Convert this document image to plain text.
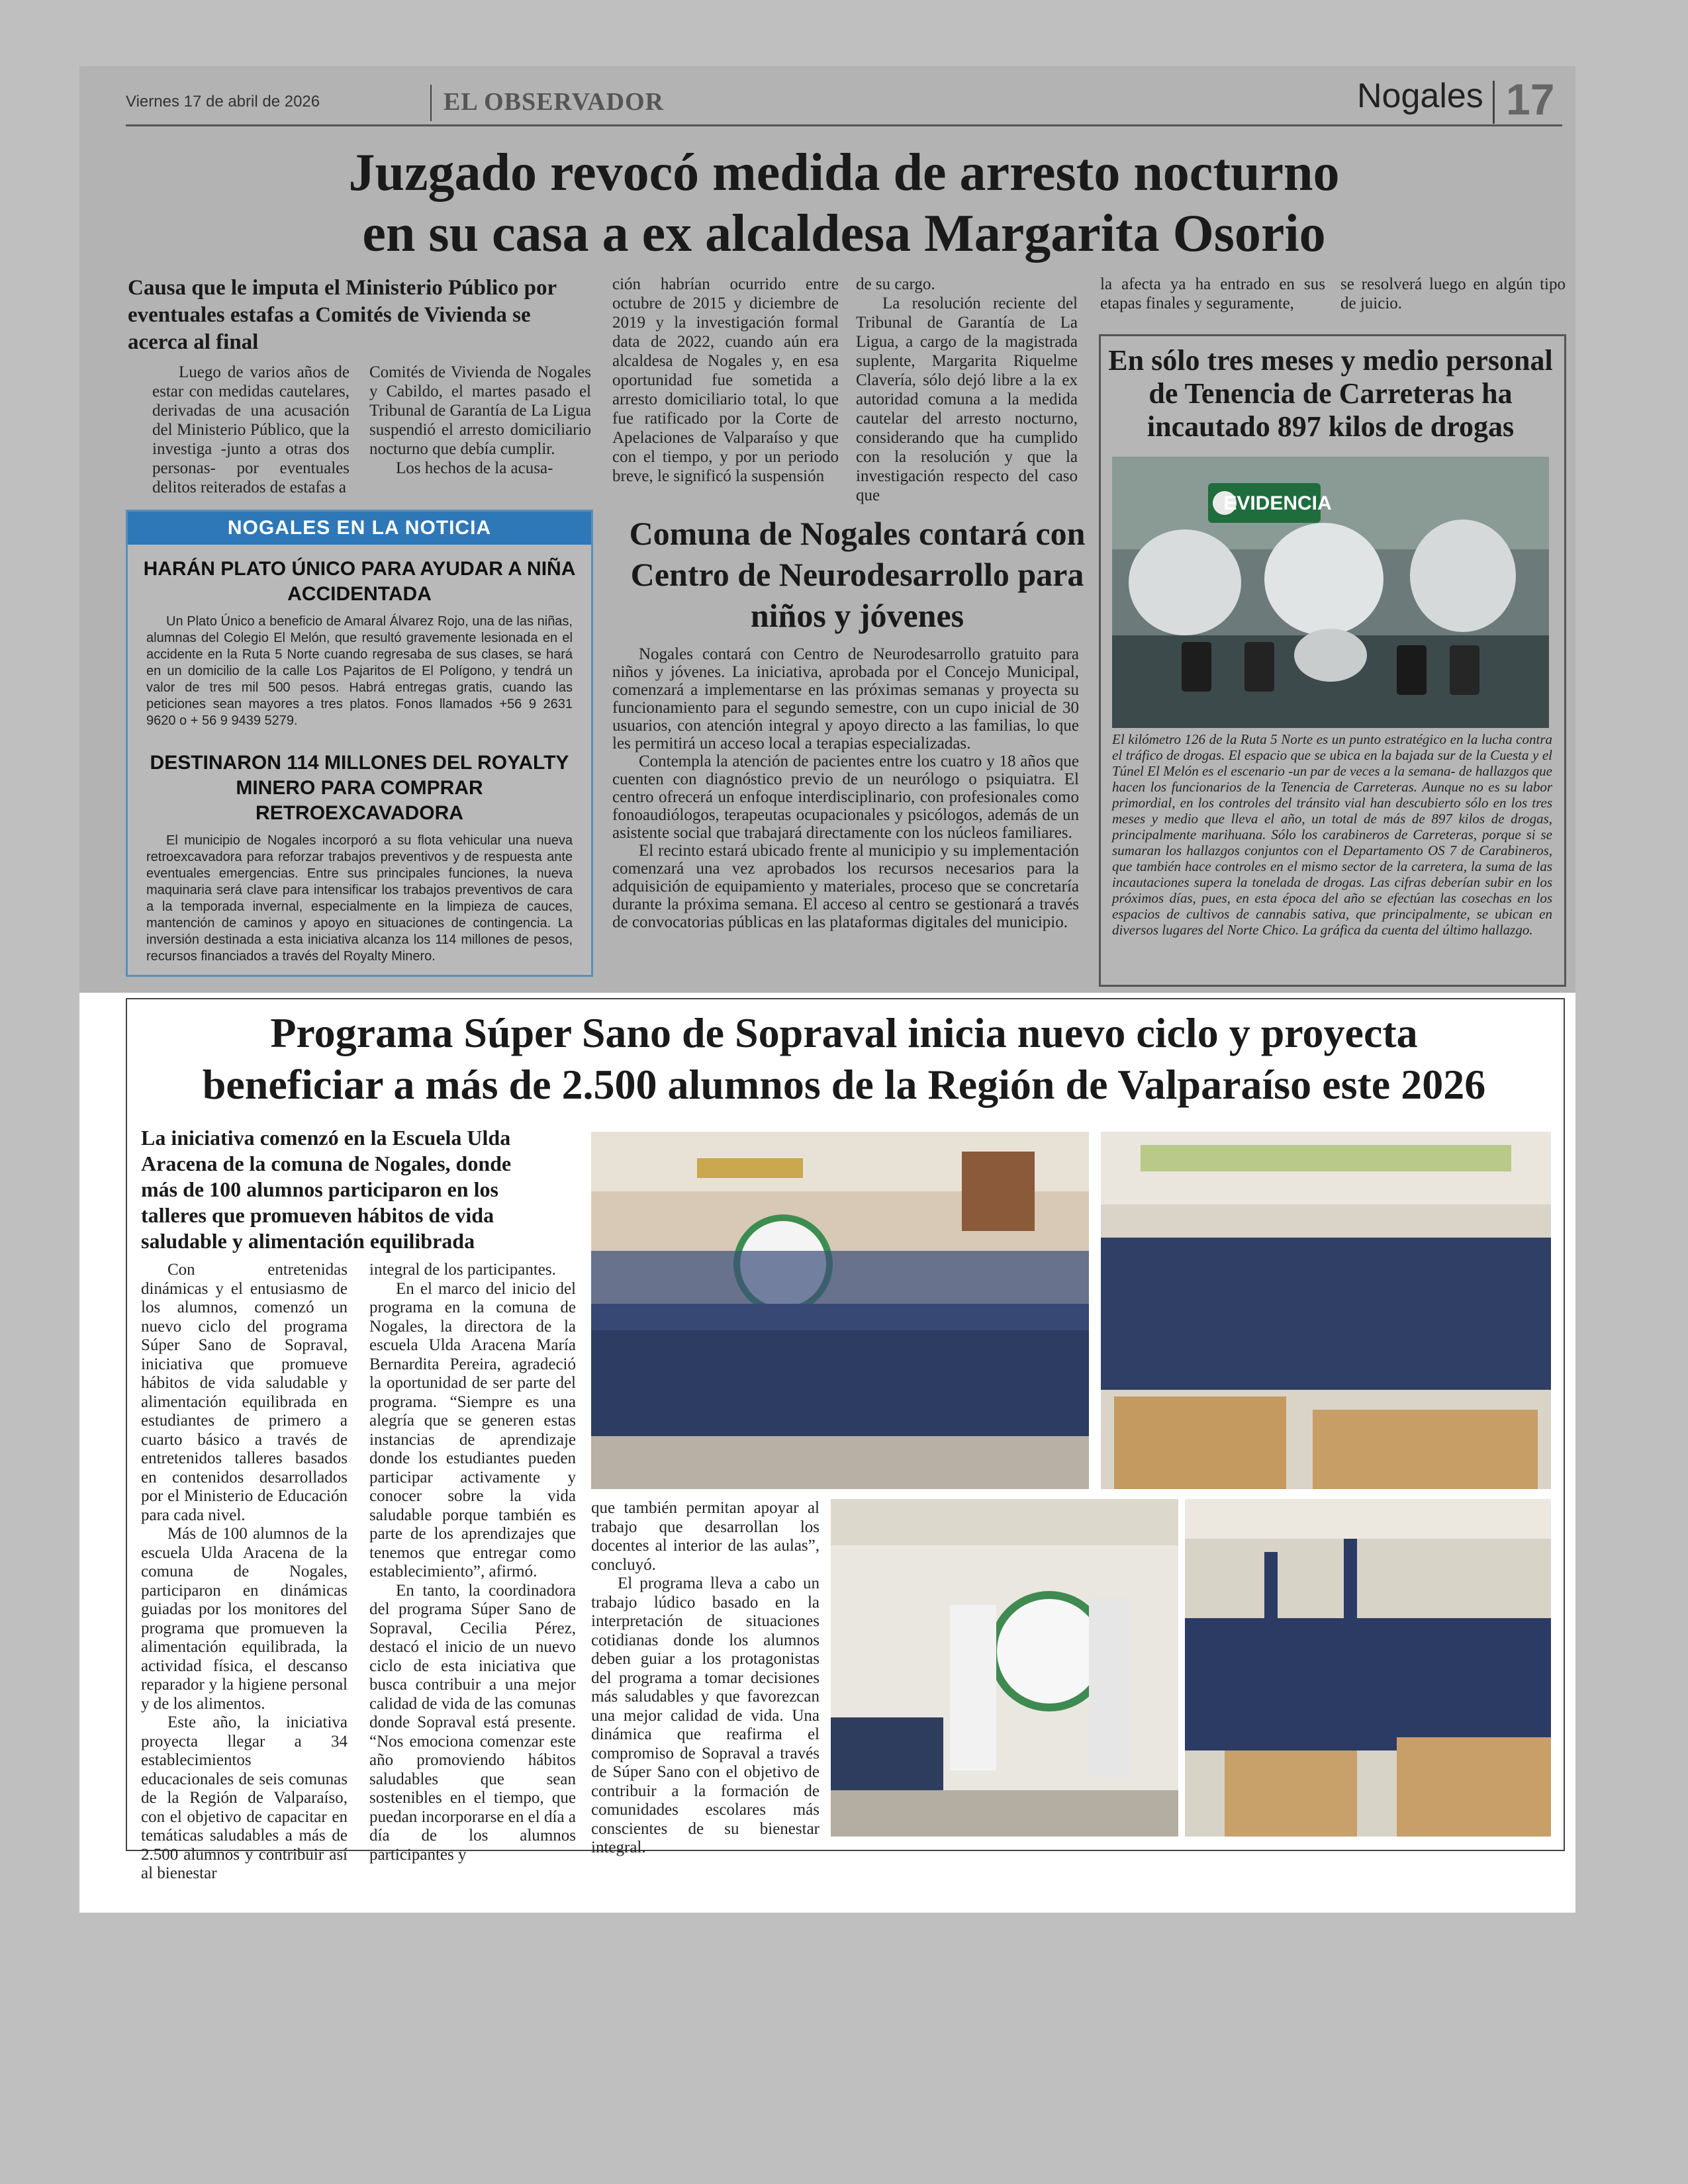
Viernes 17 de abril de 2026	EL OBSERVADOR	Nogales 17
Juzgado revocó medida de arresto nocturno
en su casa a ex alcaldesa Margarita Osorio
Causa que le imputa el Ministerio Público por eventuales estafas a Comités de Vivienda se acerca al final

Luego de varios años de estar con medidas cautelares, derivadas de una acusación del Ministerio Público, que la investiga -junto a otras dos personas- por eventuales delitos reiterados de estafas a

Comités de Vivienda de Nogales y Cabildo, el martes pasado el Tribunal de Garantía de La Ligua suspendió el arresto domiciliario nocturno que debía cumplir.

Los hechos de la acusa-

ción habrían ocurrido entre octubre de 2015 y diciembre de 2019 y la investigación formal data de 2022, cuando aún era alcaldesa de Nogales y, en esa oportunidad fue sometida a arresto domiciliario total, lo que fue ratificado por la Corte de Apelaciones de Valparaíso y que con el tiempo, y por un periodo breve, le significó la suspensión

de su cargo.

La resolución reciente del Tribunal de Garantía de La Ligua, a cargo de la magistrada suplente, Margarita Riquelme Clavería, sólo dejó libre a la ex autoridad comuna a la medida cautelar del arresto nocturno, considerando que ha cumplido con la resolución y que la investigación respecto del caso que

la afecta ya ha entrado en sus etapas finales y seguramente,

se resolverá luego en algún tipo de juicio.

NOGALES EN LA NOTICIA
HARÁN PLATO ÚNICO PARA AYUDAR A NIÑA ACCIDENTADA

Un Plato Único a beneficio de Amaral Álvarez Rojo, una de las niñas, alumnas del Colegio El Melón, que resultó gravemente lesionada en el accidente en la Ruta 5 Norte cuando regresaba de sus clases, se hará en un domicilio de la calle Los Pajaritos de El Polígono, y tendrá un valor de tres mil 500 pesos. Habrá entregas gratis, cuando las peticiones sean mayores a tres platos. Fonos llamados +56 9 2631 9620 o + 56 9 9439 5279.

DESTINARON 114 MILLONES DEL ROYALTY MINERO PARA COMPRAR RETROEXCAVADORA

El municipio de Nogales incorporó a su flota vehicular una nueva retroexcavadora para reforzar trabajos preventivos y de respuesta ante eventuales emergencias. Entre sus principales funciones, la nueva maquinaria será clave para intensificar los trabajos preventivos de cara a la temporada invernal, especialmente en la limpieza de cauces, mantención de caminos y apoyo en situaciones de contingencia. La inversión destinada a esta iniciativa alcanza los 114 millones de pesos, recursos financiados a través del Royalty Minero.

Comuna de Nogales contará con Centro de Neurodesarrollo para niños y jóvenes

Nogales contará con Centro de Neurodesarrollo gratuito para niños y jóvenes. La iniciativa, aprobada por el Concejo Municipal, comenzará a implementarse en las próximas semanas y proyecta su funcionamiento para el segundo semestre, con un cupo inicial de 30 usuarios, con atención integral y apoyo directo a las familias, lo que les permitirá un acceso local a terapias especializadas.

Contempla la atención de pacientes entre los cuatro y 18 años que cuenten con diagnóstico previo de un neurólogo o psiquiatra. El centro ofrecerá un enfoque interdisciplinario, con profesionales como fonoaudiólogos, terapeutas ocupacionales y psicólogos, además de un asistente social que trabajará directamente con los núcleos familiares.

El recinto estará ubicado frente al municipio y su implementación comenzará una vez aprobados los recursos necesarios para la adquisición de equipamiento y materiales, proceso que se concretaría durante la próxima semana. El acceso al centro se gestionará a través de convocatorias públicas en las plataformas digitales del municipio.

En sólo tres meses y medio personal de Tenencia de Carreteras ha incautado 897 kilos de drogas
EVIDENCIA
El kilómetro 126 de la Ruta 5 Norte es un punto estratégico en la lucha contra el tráfico de drogas. El espacio que se ubica en la bajada sur de la Cuesta y el Túnel El Melón es el escenario -un par de veces a la semana- de hallazgos que hacen los funcionarios de la Tenencia de Carreteras. Aunque no es su labor primordial, en los controles del tránsito vial han descubierto sólo en los tres meses y medio que lleva el año, un total de más de 897 kilos de drogas, principalmente marihuana. Sólo los carabineros de Carreteras, porque si se sumaran los hallazgos conjuntos con el Departamento OS 7 de Carabineros, que también hace controles en el mismo sector de la carretera, la suma de las incautaciones supera la tonelada de drogas. Las cifras deberían subir en los próximos días, pues, en esta época del año se efectúan las cosechas en los espacios de cultivos de cannabis sativa, que principalmente, se ubican en diversos lugares del Norte Chico. La gráfica da cuenta del último hallazgo.
Programa Súper Sano de Sopraval inicia nuevo ciclo y proyecta
beneficiar a más de 2.500 alumnos de la Región de Valparaíso este 2026
La iniciativa comenzó en la Escuela Ulda Aracena de la comuna de Nogales, donde más de 100 alumnos participaron en los talleres que promueven hábitos de vida saludable y alimentación equilibrada

Con entretenidas dinámicas y el entusiasmo de los alumnos, comenzó un nuevo ciclo del programa Súper Sano de Sopraval, iniciativa que promueve hábitos de vida saludable y alimentación equilibrada en estudiantes de primero a cuarto básico a través de entretenidos talleres basados en contenidos desarrollados por el Ministerio de Educación para cada nivel.

Más de 100 alumnos de la escuela Ulda Aracena de la comuna de Nogales, participaron en dinámicas guiadas por los monitores del programa que promueven la alimentación equilibrada, la actividad física, el descanso reparador y la higiene personal y de los alimentos.

Este año, la iniciativa proyecta llegar a 34 establecimientos educacionales de seis comunas de la Región de Valparaíso, con el objetivo de capacitar en temáticas saludables a más de 2.500 alumnos y contribuir así al bienestar

integral de los participantes.

En el marco del inicio del programa en la comuna de Nogales, la directora de la escuela Ulda Aracena María Bernardita Pereira, agradeció la oportunidad de ser parte del programa. “Siempre es una alegría que se generen estas instancias de aprendizaje donde los estudiantes pueden participar activamente y conocer sobre la vida saludable porque también es parte de los aprendizajes que tenemos que entregar como establecimiento”, afirmó.

En tanto, la coordinadora del programa Súper Sano de Sopraval, Cecilia Pérez, destacó el inicio de un nuevo ciclo de esta iniciativa que busca contribuir a una mejor calidad de vida de las comunas donde Sopraval está presente. “Nos emociona comenzar este año promoviendo hábitos saludables que sean sostenibles en el tiempo, que puedan incorporarse en el día a día de los alumnos participantes y

que también permitan apoyar al trabajo que desarrollan los docentes al interior de las aulas”, concluyó.

El programa lleva a cabo un trabajo lúdico basado en la interpretación de situaciones cotidianas donde los alumnos deben guiar a los protagonistas del programa a tomar decisiones más saludables y que favorezcan una mejor calidad de vida. Una dinámica que reafirma el compromiso de Sopraval a través de Súper Sano con el objetivo de contribuir a la formación de comunidades escolares más conscientes de su bienestar integral.
